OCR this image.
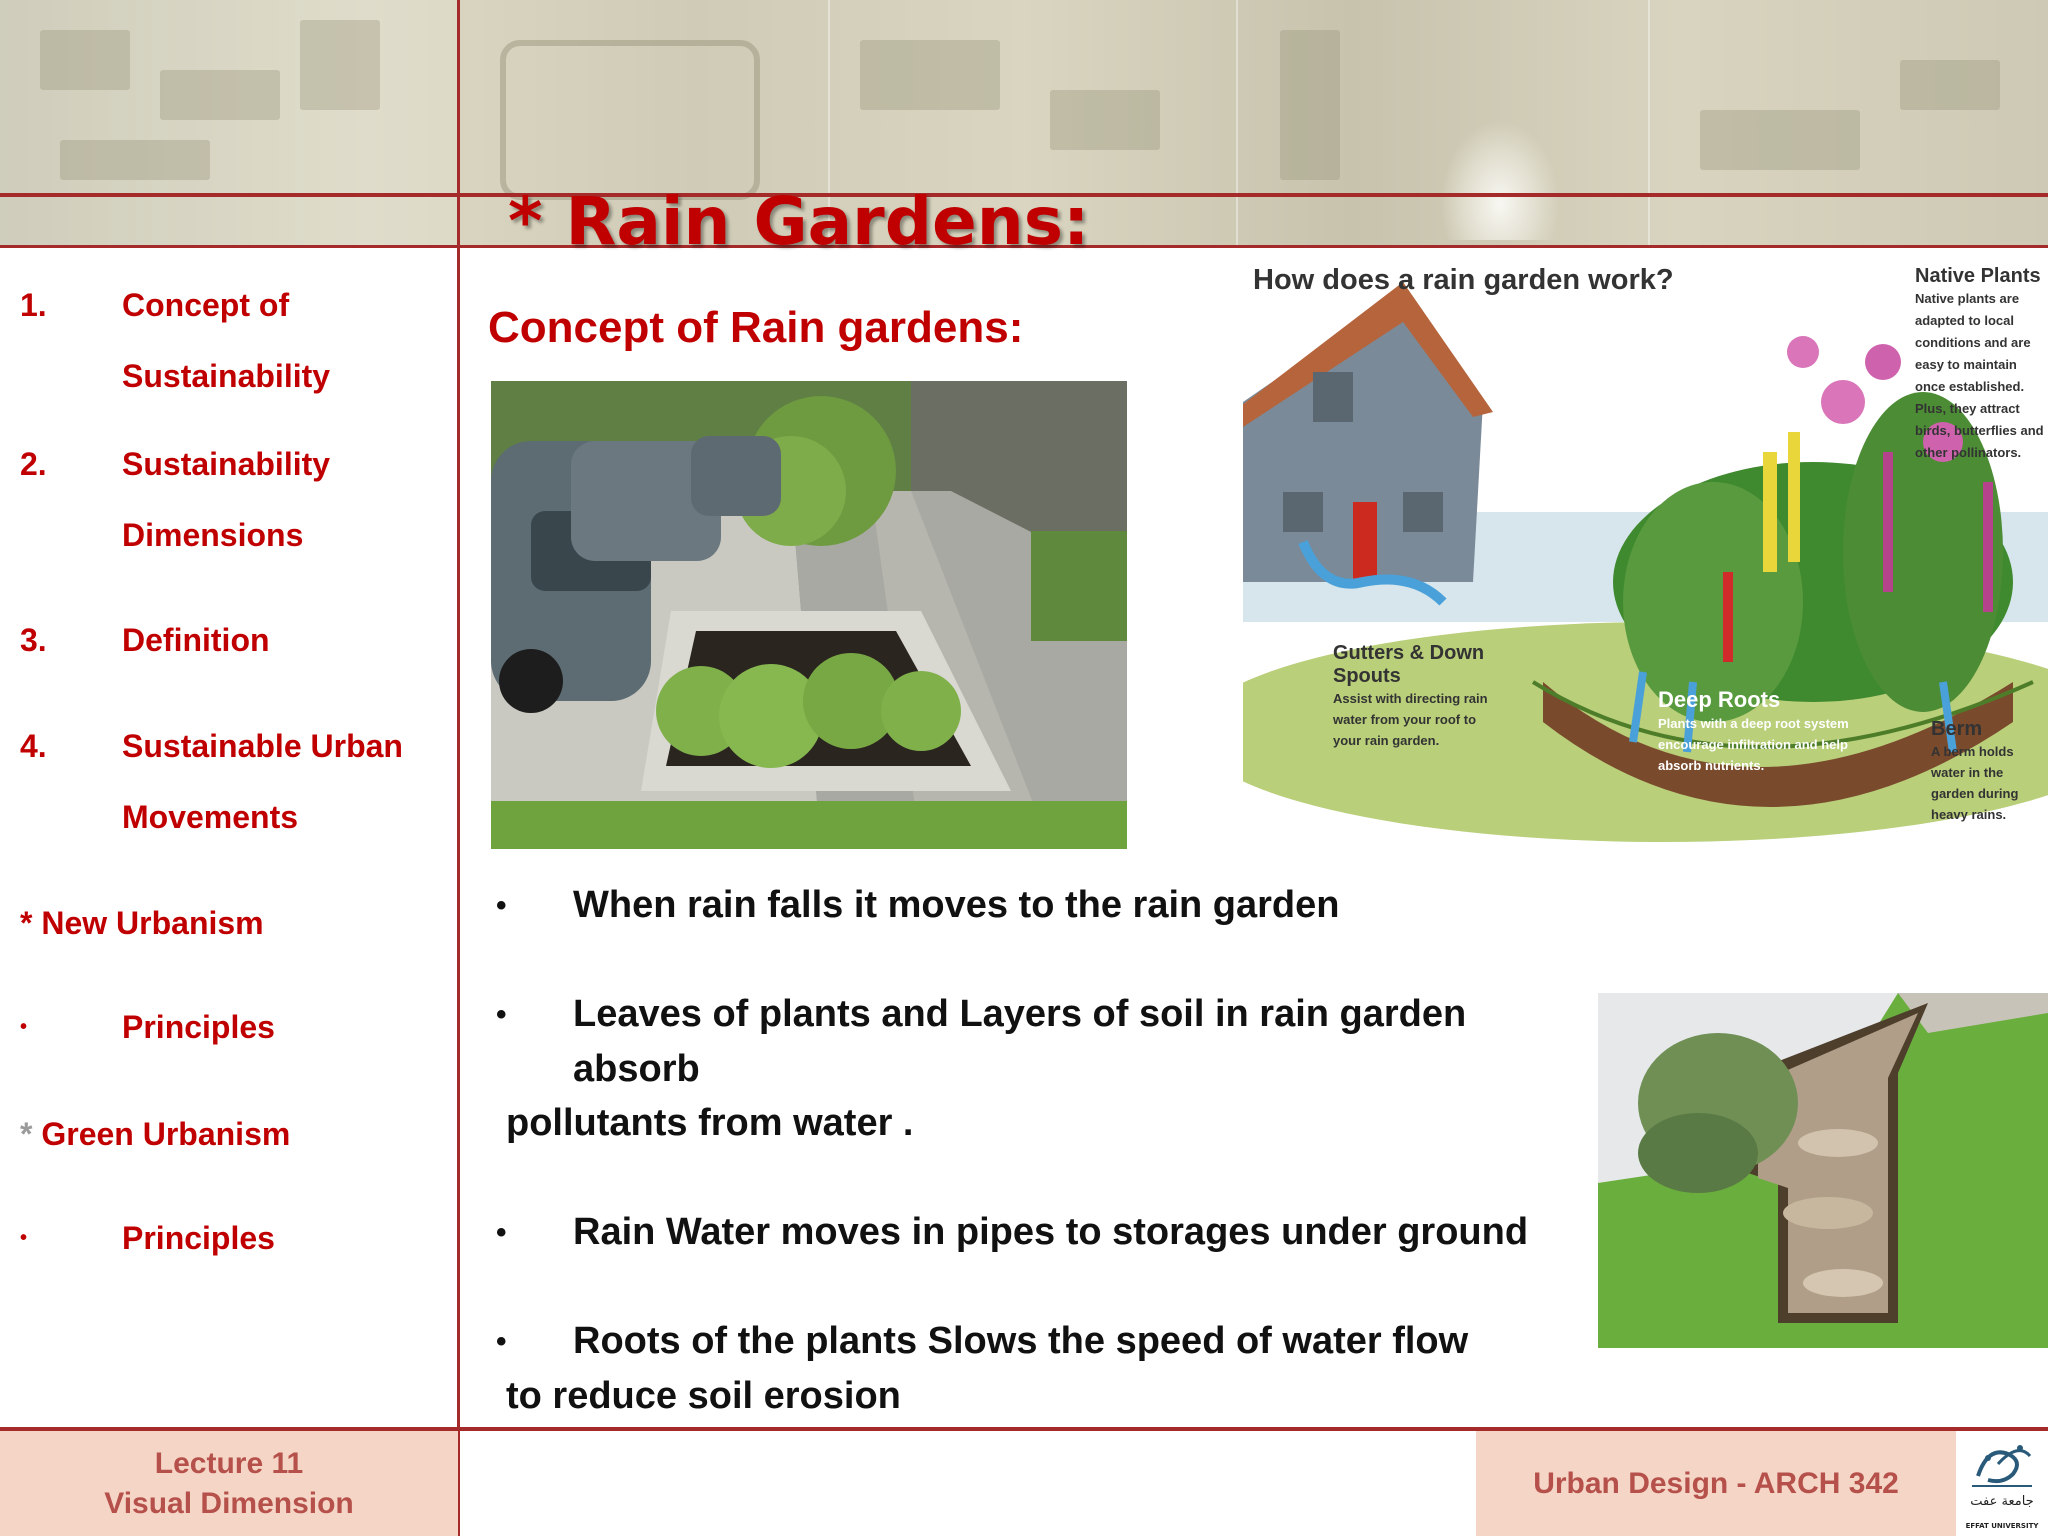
* Rain Gardens:
1.	Concept of Sustainability
2.	Sustainability Dimensions
3.	Definition
4.	Sustainable Urban Movements
* New Urbanism
•	Principles
* Green Urbanism
•	Principles
Concept of Rain gardens:
How does a rain garden work?	Native Plants
Native plants are adapted to local conditions and are easy to maintain once established. Plus, they attract birds, butterflies and other pollinators.
Gutters & Down Spouts
Assist with directing rain water from your roof to your rain garden.
Deep Roots
Plants with a deep root system encourage infiltration and help absorb nutrients.
Berm
A berm holds water in the garden during heavy rains.
• When rain falls it moves to the rain garden
• Leaves of plants and Layers of soil in rain garden absorb
pollutants from water .
• Rain Water moves in pipes to storages under ground
• Roots of the plants Slows the speed of water flow
to reduce soil erosion
Lecture 11
Visual Dimension
Urban Design - ARCH 342
جامعة عفت
EFFAT UNIVERSITY
